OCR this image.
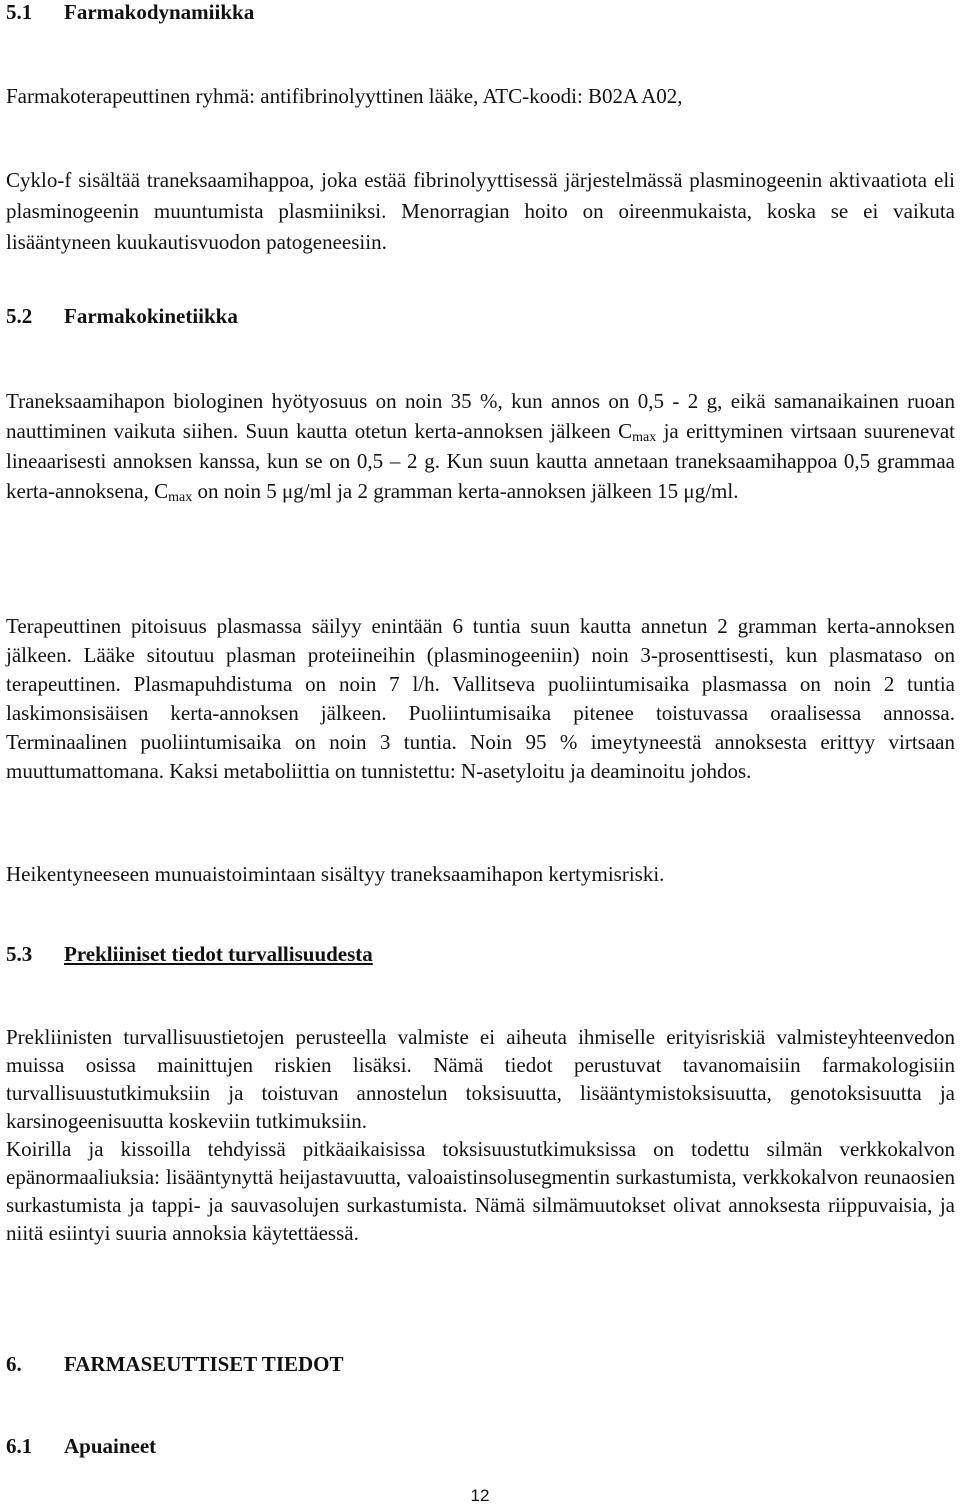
5.1 Farmakodynamiikka

Farmakoterapeuttinen ryhmä: antifibrinolyyttinen lääke, ATC-koodi: B02A A02,

Cyklo-f sisältää traneksaamihappoa, joka estää fibrinolyyttisessä järjestelmässä plasminogeenin aktivaatiota eli plasminogeenin muuntumista plasmiiniksi. Menorragian hoito on oireenmukaista, koska se ei vaikuta lisääntyneen kuukautisvuodon patogeneesiin.

5.2 Farmakokinetiikka

Traneksaamihapon biologinen hyötyosuus on noin 35 %, kun annos on 0,5 - 2 g, eikä samanaikainen ruoan nauttiminen vaikuta siihen. Suun kautta otetun kerta-annoksen jälkeen $C_{max}$ ja erittyminen virtsaan suurenevat lineaarisesti annoksen kanssa, kun se on 0,5 – 2 g. Kun suun kautta annetaan traneksaamihappoa 0,5 grammaa kerta-annoksena, $C_{max}$ on noin 5 μg/ml ja 2 gramman kerta-annoksen jälkeen 15 μg/ml.

Terapeuttinen pitoisuus plasmassa säilyy enintään 6 tuntia suun kautta annetun 2 gramman kerta-annoksen jälkeen. Lääke sitoutuu plasman proteiineihin (plasminogeeniin) noin 3-prosenttisesti, kun plasmataso on terapeuttinen. Plasmapuhdistuma on noin 7 l/h. Vallitseva puoliintumisaika plasmassa on noin 2 tuntia laskimonsisäisen kerta-annoksen jälkeen. Puoliintumisaika pitenee toistuvassa oraalisessa annossa. Terminaalinen puoliintumisaika on noin 3 tuntia. Noin 95 % imeytyneestä annoksesta erittyy virtsaan muuttumattomana. Kaksi metaboliittia on tunnistettu: N-asetyloitu ja deaminoitu johdos.

Heikentyneeseen munuaistoimintaan sisältyy traneksaamihapon kertymisriski.

5.3 Prekliiniset tiedot turvallisuudesta

Prekliinisten turvallisuustietojen perusteella valmiste ei aiheuta ihmiselle erityisriskiä valmisteyhteenvedon muissa osissa mainittujen riskien lisäksi. Nämä tiedot perustuvat tavanomaisiin farmakologisiin turvallisuustutkimuksiin ja toistuvan annostelun toksisuutta, lisääntymistoksisuutta, genotoksisuutta ja karsinogeenisuutta koskeviin tutkimuksiin.

Koirilla ja kissoilla tehdyissä pitkäaikaisissa toksisuustutkimuksissa on todettu silmän verkkokalvon epänormaaliuksia: lisääntynyttä heijastavuutta, valoaistinsolusegmentin surkastumista, verkkokalvon reunaosien surkastumista ja tappi- ja sauvasolujen surkastumista. Nämä silmämuutokset olivat annoksesta riippuvaisia, ja niitä esiintyi suuria annoksia käytettäessä.

6. FARMASEUTTISET TIEDOT
6.1 Apuaineet
12
